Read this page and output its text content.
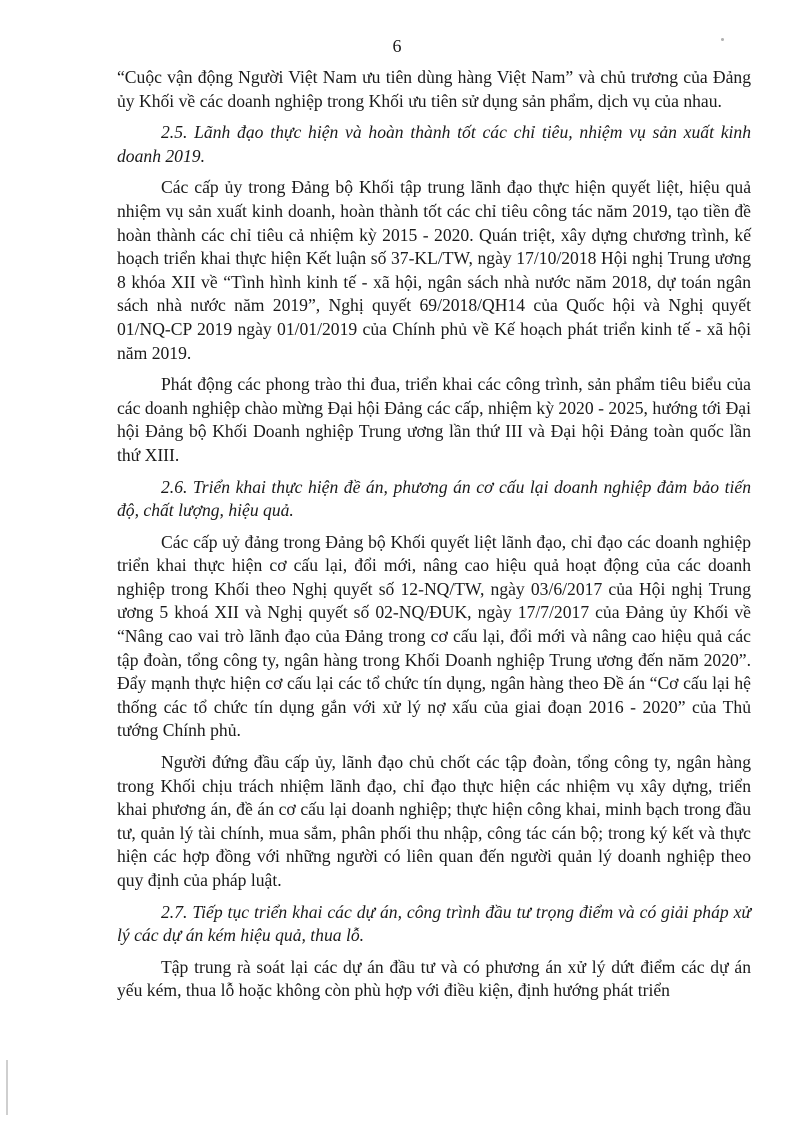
6

“Cuộc vận động Người Việt Nam ưu tiên dùng hàng Việt Nam” và chủ trương của Đảng ủy Khối về các doanh nghiệp trong Khối ưu tiên sử dụng sản phẩm, dịch vụ của nhau.

2.5. Lãnh đạo thực hiện và hoàn thành tốt các chỉ tiêu, nhiệm vụ sản xuất kinh doanh 2019.

Các cấp ủy trong Đảng bộ Khối tập trung lãnh đạo thực hiện quyết liệt, hiệu quả nhiệm vụ sản xuất kinh doanh, hoàn thành tốt các chỉ tiêu công tác năm 2019, tạo tiền đề hoàn thành các chỉ tiêu cả nhiệm kỳ 2015 - 2020. Quán triệt, xây dựng chương trình, kế hoạch triển khai thực hiện Kết luận số 37-KL/TW, ngày 17/10/2018 Hội nghị Trung ương 8 khóa XII về “Tình hình kinh tế - xã hội, ngân sách nhà nước năm 2018, dự toán ngân sách nhà nước năm 2019”, Nghị quyết 69/2018/QH14 của Quốc hội và Nghị quyết 01/NQ-CP 2019 ngày 01/01/2019 của Chính phủ về Kế hoạch phát triển kinh tế - xã hội năm 2019.

Phát động các phong trào thi đua, triển khai các công trình, sản phẩm tiêu biểu của các doanh nghiệp chào mừng Đại hội Đảng các cấp, nhiệm kỳ 2020 - 2025, hướng tới Đại hội Đảng bộ Khối Doanh nghiệp Trung ương lần thứ III và Đại hội Đảng toàn quốc lần thứ XIII.

2.6. Triển khai thực hiện đề án, phương án cơ cấu lại doanh nghiệp đảm bảo tiến độ, chất lượng, hiệu quả.

Các cấp uỷ đảng trong Đảng bộ Khối quyết liệt lãnh đạo, chỉ đạo các doanh nghiệp triển khai thực hiện cơ cấu lại, đổi mới, nâng cao hiệu quả hoạt động của các doanh nghiệp trong Khối theo Nghị quyết số 12-NQ/TW, ngày 03/6/2017 của Hội nghị Trung ương 5 khoá XII và Nghị quyết số 02-NQ/ĐUK, ngày 17/7/2017 của Đảng ủy Khối về “Nâng cao vai trò lãnh đạo của Đảng trong cơ cấu lại, đổi mới và nâng cao hiệu quả các tập đoàn, tổng công ty, ngân hàng trong Khối Doanh nghiệp Trung ương đến năm 2020”. Đẩy mạnh thực hiện cơ cấu lại các tổ chức tín dụng, ngân hàng theo Đề án “Cơ cấu lại hệ thống các tổ chức tín dụng gắn với xử lý nợ xấu của giai đoạn 2016 - 2020” của Thủ tướng Chính phủ.

Người đứng đầu cấp ủy, lãnh đạo chủ chốt các tập đoàn, tổng công ty, ngân hàng trong Khối chịu trách nhiệm lãnh đạo, chỉ đạo thực hiện các nhiệm vụ xây dựng, triển khai phương án, đề án cơ cấu lại doanh nghiệp; thực hiện công khai, minh bạch trong đầu tư, quản lý tài chính, mua sắm, phân phối thu nhập, công tác cán bộ; trong ký kết và thực hiện các hợp đồng với những người có liên quan đến người quản lý doanh nghiệp theo quy định của pháp luật.

2.7. Tiếp tục triển khai các dự án, công trình đầu tư trọng điểm và có giải pháp xử lý các dự án kém hiệu quả, thua lỗ.

Tập trung rà soát lại các dự án đầu tư và có phương án xử lý dứt điểm các dự án yếu kém, thua lỗ hoặc không còn phù hợp với điều kiện, định hướng phát triển
